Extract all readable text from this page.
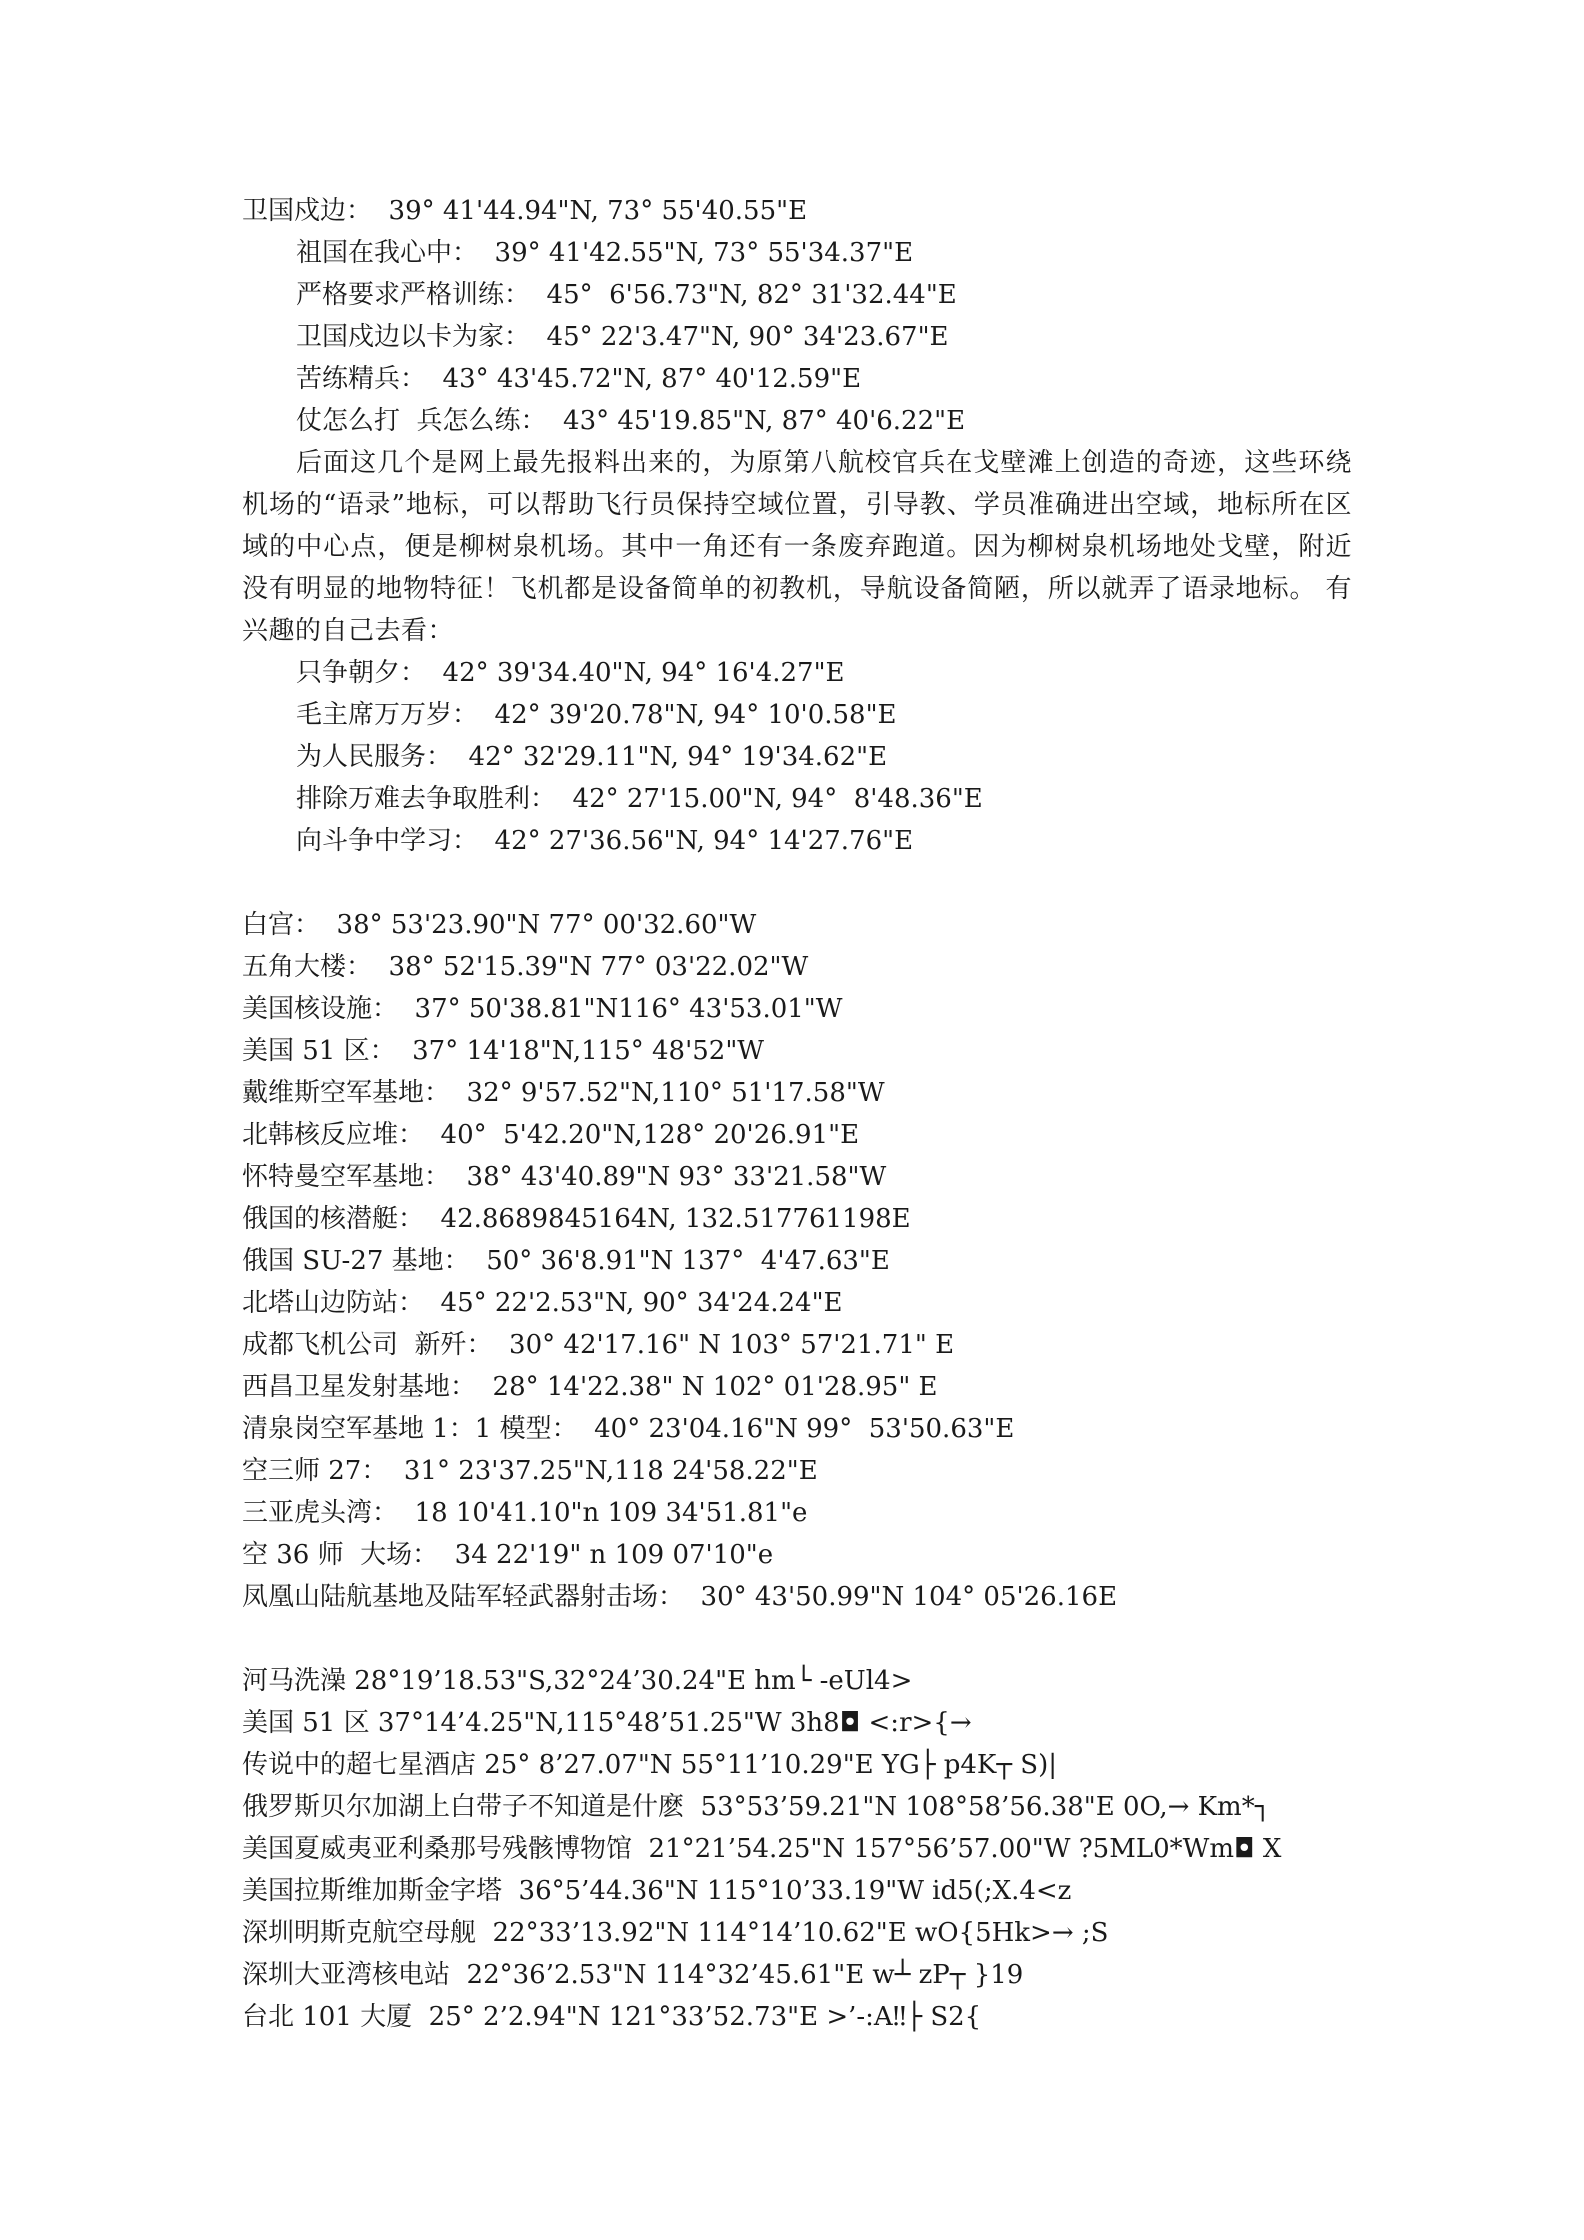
卫国戍边：  39° 41'44.94"N, 73° 55'40.55"E
祖国在我心中：  39° 41'42.55"N, 73° 55'34.37"E
严格要求严格训练：  45°  6'56.73"N, 82° 31'32.44"E
卫国戍边以卡为家：  45° 22'3.47"N, 90° 34'23.67"E
苦练精兵：  43° 43'45.72"N, 87° 40'12.59"E
仗怎么打  兵怎么练：  43° 45'19.85"N, 87° 40'6.22"E
后面这几个是网上最先报料出来的，为原第八航校官兵在戈壁滩上创造的奇迹，这些环绕机场的“语录”地标，可以帮助飞行员保持空域位置，引导教、学员准确进出空域，地标所在区域的中心点，便是柳树泉机场。其中一角还有一条废弃跑道。因为柳树泉机场地处戈壁，附近没有明显的地物特征！飞机都是设备简单的初教机，导航设备简陋，所以就弄了语录地标。 有兴趣的自己去看：
只争朝夕：  42° 39'34.40"N, 94° 16'4.27"E
毛主席万万岁：  42° 39'20.78"N, 94° 10'0.58"E
为人民服务：  42° 32'29.11"N, 94° 19'34.62"E
排除万难去争取胜利：  42° 27'15.00"N, 94°  8'48.36"E
向斗争中学习：  42° 27'36.56"N, 94° 14'27.76"E
白宫：  38° 53'23.90"N 77° 00'32.60"W
五角大楼：  38° 52'15.39"N 77° 03'22.02"W
美国核设施：  37° 50'38.81"N116° 43'53.01"W
美国 51 区：  37° 14'18"N,115° 48'52"W
戴维斯空军基地：  32° 9'57.52"N,110° 51'17.58"W
北韩核反应堆：  40°  5'42.20"N,128° 20'26.91"E
怀特曼空军基地：  38° 43'40.89"N 93° 33'21.58"W
俄国的核潜艇：  42.8689845164N, 132.517761198E
俄国 SU-27 基地：  50° 36'8.91"N 137°  4'47.63"E
北塔山边防站：  45° 22'2.53"N, 90° 34'24.24"E
成都飞机公司  新歼：  30° 42'17.16" N 103° 57'21.71" E
西昌卫星发射基地：  28° 14'22.38" N 102° 01'28.95" E
清泉岗空军基地 1：1 模型：  40° 23'04.16"N 99°  53'50.63"E
空三师 27：  31° 23'37.25"N,118 24'58.22"E
三亚虎头湾：  18 10'41.10"n 109 34'51.81"e
空 36 师  大场：  34 22'19" n 109 07'10"e
凤凰山陆航基地及陆军轻武器射击场：  30° 43'50.99"N 104° 05'26.16E
河马洗澡 28°19’18.53"S,32°24’30.24"E hm└ -eUl4>
美国 51 区 37°14’4.25"N,115°48’51.25"W 3h8◘ <:r>{→
传说中的超七星酒店 25° 8’27.07"N 55°11’10.29"E YG├ p4K┬ S)|
俄罗斯贝尔加湖上白带子不知道是什麽  53°53’59.21"N 108°58’56.38"E 0O,→ Km*┐
美国夏威夷亚利桑那号残骸博物馆  21°21’54.25"N 157°56’57.00"W ?5ML0*Wm◘ X
美国拉斯维加斯金字塔  36°5’44.36"N 115°10’33.19"W id5(;X.4<z
深圳明斯克航空母舰  22°33’13.92"N 114°14’10.62"E wO{5Hk>→ ;S
深圳大亚湾核电站  22°36’2.53"N 114°32’45.61"E w┴ zP┬ }19
台北 101 大厦  25° 2’2.94"N 121°33’52.73"E >’-:A‼├ S2{
